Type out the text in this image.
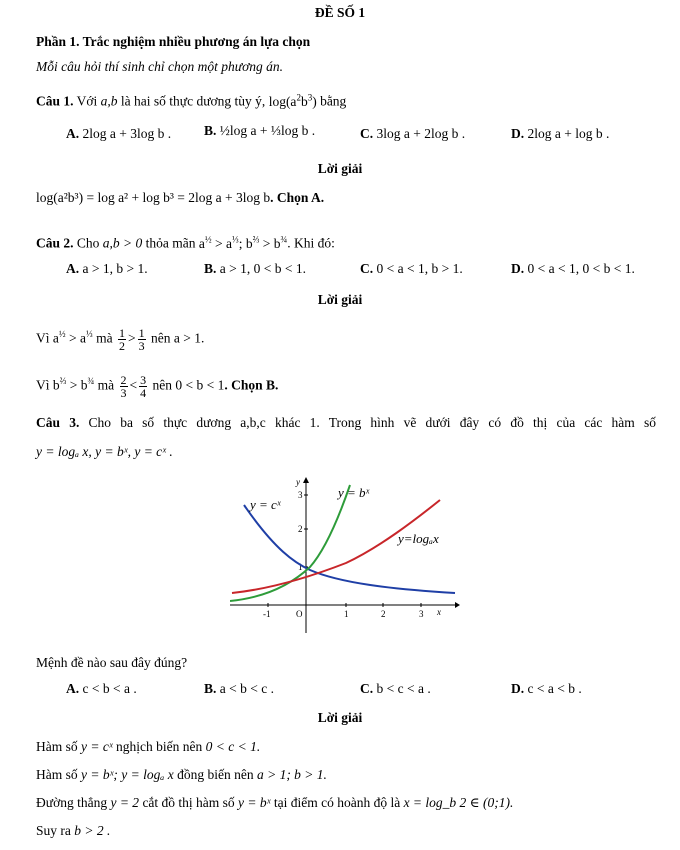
ĐỀ SỐ 1
Phần 1. Trắc nghiệm nhiều phương án lựa chọn
Mỗi câu hỏi thí sinh chỉ chọn một phương án.
Câu 1. Với a,b là hai số thực dương tùy ý, $\log(a^2b^3)$ bằng
A. 2log a + 3log b . B. ½log a + ⅓log b .	C. 3log a + 2log b .	D. 2log a + log b .
Lời giải
log(a²b³) = log a² + log b³ = 2log a + 3log b. Chọn A.
Câu 2. Cho a,b > 0 thỏa mãn $a^{\frac{1}{2}} > a^{\frac{1}{3}}$; $b^{\frac{2}{3}} > b^{\frac{3}{4}}$. Khi đó:
A. a > 1, b > 1.	B. a > 1, 0 < b < 1.	C. 0 < a < 1, b > 1.	D. 0 < a < 1, 0 < b < 1.
Lời giải
Vì $a^{\frac{1}{2}} > a^{\frac{1}{3}}$ mà $\frac{1}{2} > \frac{1}{3}$ nên a > 1.
Vì $b^{\frac{2}{3}} > b^{\frac{3}{4}}$ mà $\frac{2}{3} < \frac{3}{4}$ nên 0 < b < 1. Chọn B.
Câu 3. Cho ba số thực dương a,b,c khác 1. Trong hình vẽ dưới đây có đồ thị của các hàm số
y = logₐ x, y = bˣ, y = cˣ .
-1	O	1	2	3
1
2
3
y
x
y = cˣ
y = bˣ
y=logₐx
Mệnh đề nào sau đây đúng?
A. c < b < a .	B. a < b < c .	C. b < c < a .	D. c < a < b .
Lời giải
Hàm số y = cˣ nghịch biến nên 0 < c < 1.
Hàm số y = bˣ; y = logₐ x đồng biến nên a > 1; b > 1.
Đường thẳng y = 2 cắt đồ thị hàm số y = bˣ tại điểm có hoành độ là x = log_b 2 ∈ (0;1).
Suy ra b > 2 .
